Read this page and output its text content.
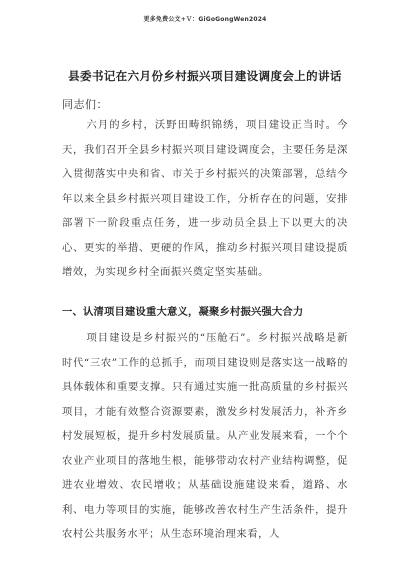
更多免费公文+Ｖ：GiGoGongWen2024
县委书记在六月份乡村振兴项目建设调度会上的讲话
同志们：

六月的乡村，沃野田畴织锦绣，项目建设正当时。今天，我们召开全县乡村振兴项目建设调度会，主要任务是深入贯彻落实中央和省、市关于乡村振兴的决策部署，总结今年以来全县乡村振兴项目建设工作，分析存在的问题，安排部署下一阶段重点任务，进一步动员全县上下以更大的决心、更实的举措、更硬的作风，推动乡村振兴项目建设提质增效，为实现乡村全面振兴奠定坚实基础。

一、认清项目建设重大意义，凝聚乡村振兴强大合力

项目建设是乡村振兴的“压舱石”。乡村振兴战略是新时代“三农”工作的总抓手，而项目建设则是落实这一战略的具体载体和重要支撑。只有通过实施一批高质量的乡村振兴项目，才能有效整合资源要素，激发乡村发展活力，补齐乡村发展短板，提升乡村发展质量。从产业发展来看，一个个农业产业项目的落地生根，能够带动农村产业结构调整，促进农业增效、农民增收；从基础设施建设来看，道路、水利、电力等项目的实施，能够改善农村生产生活条件，提升农村公共服务水平；从生态环境治理来看，人
